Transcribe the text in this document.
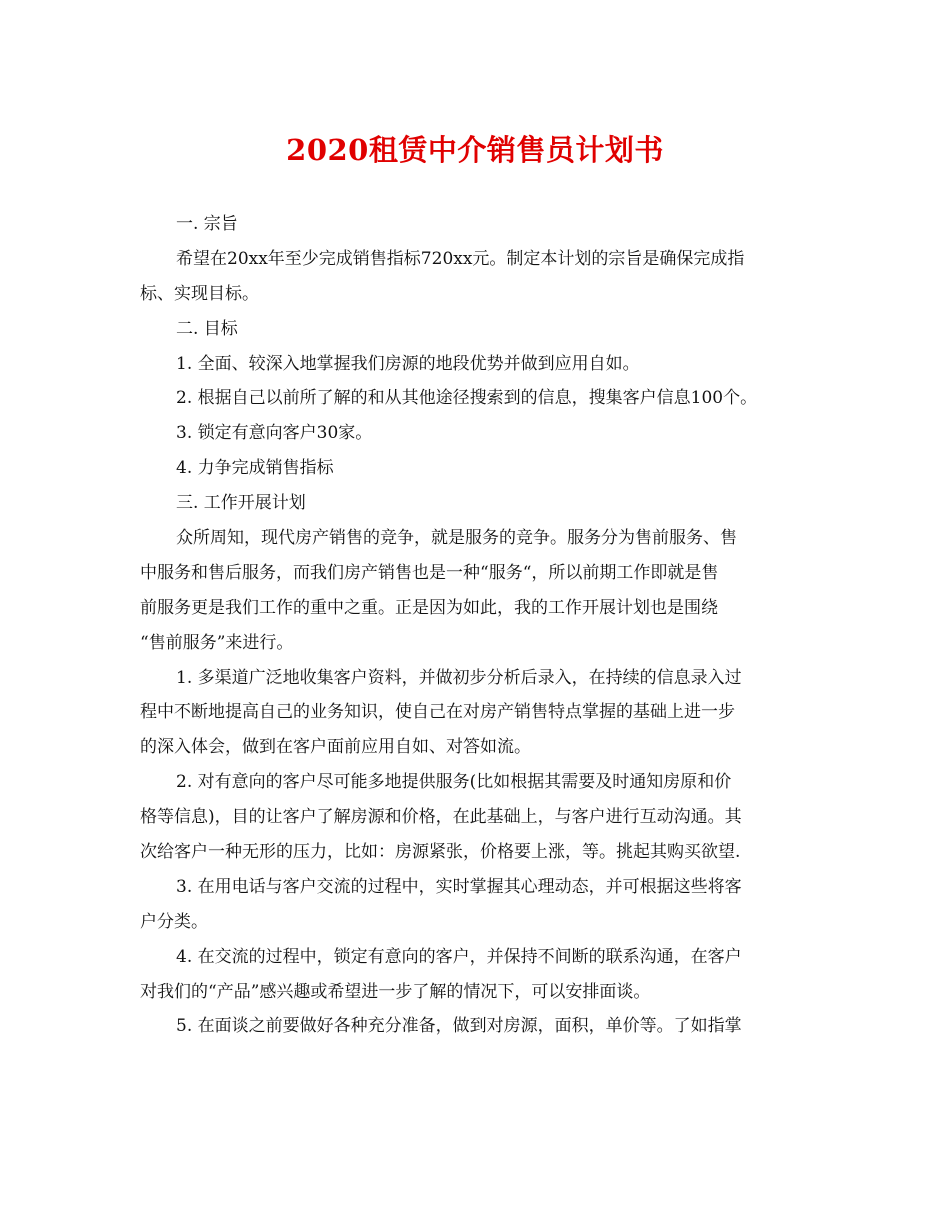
2020租赁中介销售员计划书
一. 宗旨
希望在20xx年至少完成销售指标720xx元。制定本计划的宗旨是确保完成指
标、实现目标。
二. 目标
1. 全面、较深入地掌握我们房源的地段优势并做到应用自如。
2. 根据自己以前所了解的和从其他途径搜索到的信息，搜集客户信息100个。
3. 锁定有意向客户30家。
4. 力争完成销售指标
三. 工作开展计划
众所周知，现代房产销售的竞争，就是服务的竞争。服务分为售前服务、售
中服务和售后服务，而我们房产销售也是一种“服务“，所以前期工作即就是售
前服务更是我们工作的重中之重。正是因为如此，我的工作开展计划也是围绕
“售前服务”来进行。
1. 多渠道广泛地收集客户资料，并做初步分析后录入，在持续的信息录入过
程中不断地提高自己的业务知识，使自己在对房产销售特点掌握的基础上进一步
的深入体会，做到在客户面前应用自如、对答如流。
2. 对有意向的客户尽可能多地提供服务(比如根据其需要及时通知房原和价
格等信息)，目的让客户了解房源和价格，在此基础上，与客户进行互动沟通。其
次给客户一种无形的压力，比如：房源紧张，价格要上涨，等。挑起其购买欲望.
3. 在用电话与客户交流的过程中，实时掌握其心理动态，并可根据这些将客
户分类。
4. 在交流的过程中，锁定有意向的客户，并保持不间断的联系沟通，在客户
对我们的“产品”感兴趣或希望进一步了解的情况下，可以安排面谈。
5. 在面谈之前要做好各种充分准备，做到对房源，面积，单价等。了如指掌
